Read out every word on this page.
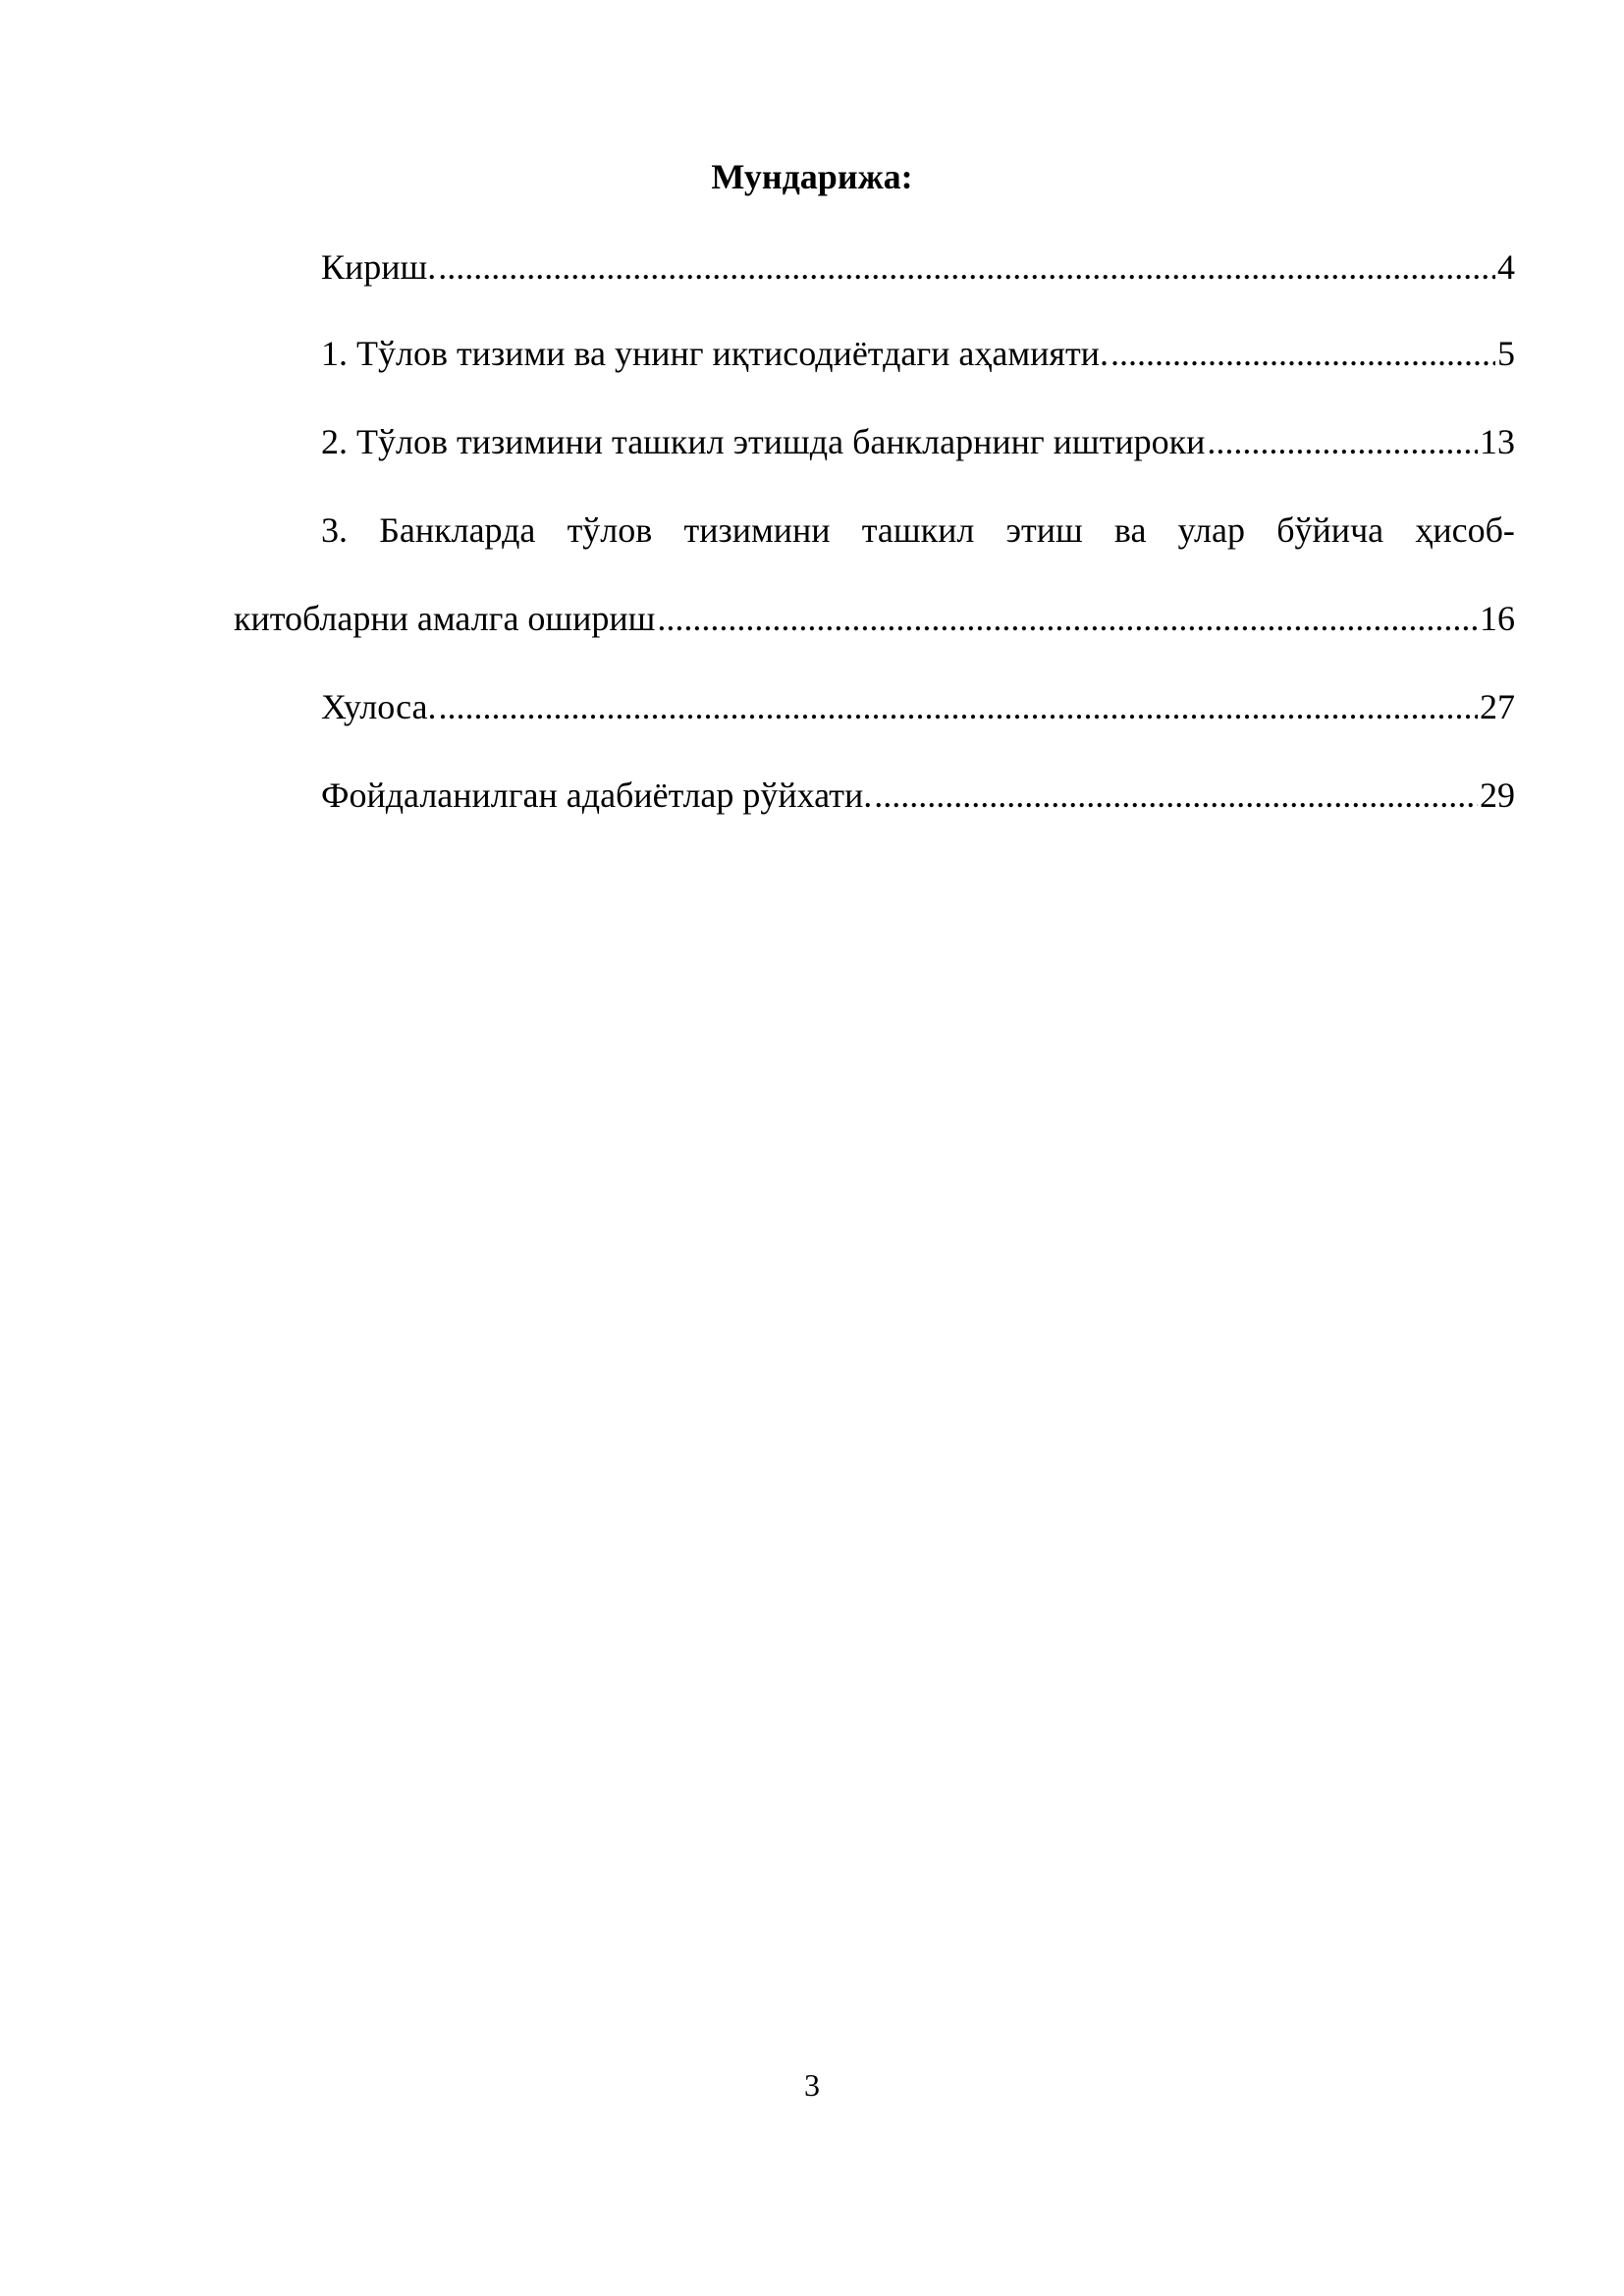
Мундарижа:
Кириш. .....	4
1. Тўлов тизими ва унинг иқтисодиётдаги аҳамияти. .....	5
2. Тўлов тизимини ташкил этишда банкларнинг иштироки .....	13
3. Банкларда тўлов тизимини ташкил этиш ва улар бўйича ҳисоб-
китобларни амалга ошириш .....	16
Хулоса. .....	27
Фойдаланилган адабиётлар рўйхати. .....	29
3
